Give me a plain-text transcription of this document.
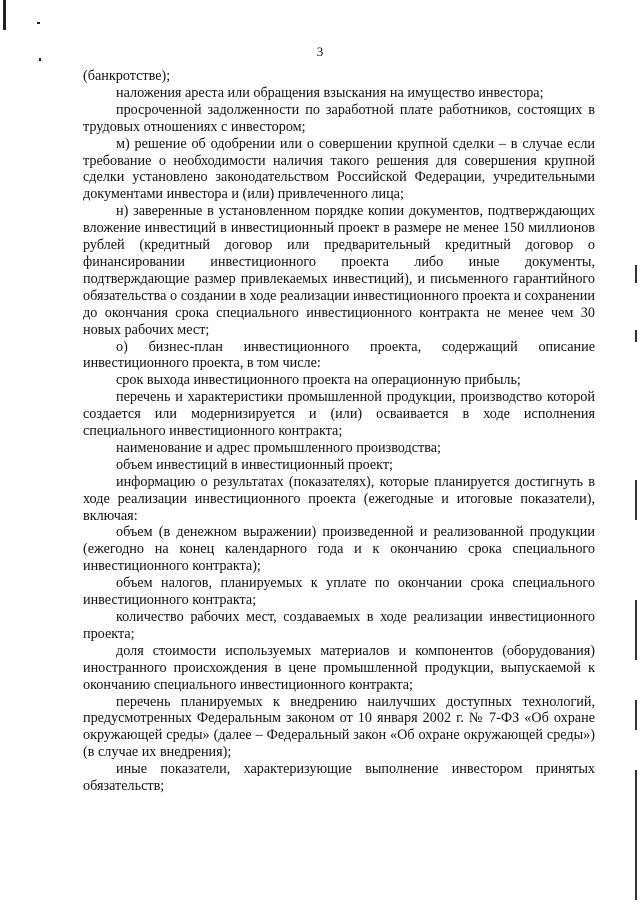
3

(банкротстве);

наложения ареста или обращения взыскания на имущество инвестора;

просроченной задолженности по заработной плате работников, состоящих в трудовых отношениях с инвестором;

м) решение об одобрении или о совершении крупной сделки – в случае если требование о необходимости наличия такого решения для совершения крупной сделки установлено законодательством Российской Федерации, учредительными документами инвестора и (или) привлеченного лица;

н) заверенные в установленном порядке копии документов, подтверждающих вложение инвестиций в инвестиционный проект в размере не менее 150 миллионов рублей (кредитный договор или предварительный кредитный договор о финансировании инвестиционного проекта либо иные документы, подтверждающие размер привлекаемых инвестиций), и письменного гарантийного обязательства о создании в ходе реализации инвестиционного проекта и сохранении до окончания срока специального инвестиционного контракта не менее чем 30 новых рабочих мест;

о) бизнес-план инвестиционного проекта, содержащий описание инвестиционного проекта, в том числе:

срок выхода инвестиционного проекта на операционную прибыль;

перечень и характеристики промышленной продукции, производство которой создается или модернизируется и (или) осваивается в ходе исполнения специального инвестиционного контракта;

наименование и адрес промышленного производства;

объем инвестиций в инвестиционный проект;

информацию о результатах (показателях), которые планируется достигнуть в ходе реализации инвестиционного проекта (ежегодные и итоговые показатели), включая:

объем (в денежном выражении) произведенной и реализованной продукции (ежегодно на конец календарного года и к окончанию срока специального инвестиционного контракта);

объем налогов, планируемых к уплате по окончании срока специального инвестиционного контракта;

количество рабочих мест, создаваемых в ходе реализации инвестиционного проекта;

доля стоимости используемых материалов и компонентов (оборудования) иностранного происхождения в цене промышленной продукции, выпускаемой к окончанию специального инвестиционного контракта;

перечень планируемых к внедрению наилучших доступных технологий, предусмотренных Федеральным законом от 10 января 2002 г. № 7-ФЗ «Об охране окружающей среды» (далее – Федеральный закон «Об охране окружающей среды») (в случае их внедрения);

иные показатели, характеризующие выполнение инвестором принятых обязательств;
